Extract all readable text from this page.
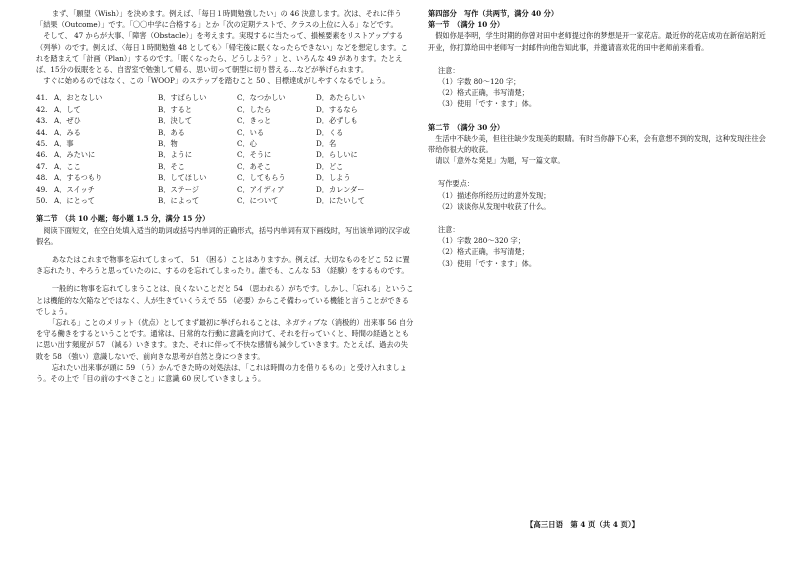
　まず、「願望（Wish）」を決めます。例えば、「毎日１時間勉強したい」の 46 決意します。次は、それに伴う「結果（Outcome）」です。「〇〇中学に合格する」とか「次の定期テストで、クラスの上位に入る」などです。

　そして、 47 からが大事、「障害（Obstacle）」を考えます。実現するに当たって、損極要素をリストアップする（列挙）のです。例えば、〈毎日１時間勉強 48 としても〉「帰宅後に眠くなったらできない」などを想定します。これを踏まえて「計画（Plan）」するのです。「眠くなったら、どうしよう？」と、いろんな 49 があります。たとえば、15分の仮眠をとる、自習室で勉強して帰る、思い切って朝型に切り替える…などが挙げられます。

　すぐに始めるのではなく、この「WOOP」のステップを踏むこと 50 、目標達成がしやすくなるでしょう。

41. A．おとなしい	B．すばらしい	C．なつかしい	D．あたらしい
42. A．して	B．すると	C．したら	D．するなら
43. A．ぜひ	B．決して	C．きっと	D．必ずしも
44. A．みる	B．ある	C．いる	D．くる
45. A．事	B．物	C．心	D．名
46. A．みたいに	B．ように	C．そうに	D．らしいに
47. A．ここ	B．そこ	C．あそこ	D．どこ
48. A．するつもり	B．してほしい	C．してもらう	D．しよう
49. A．スイッチ	B．ステージ	C．アイディア	D．カレンダー
50. A．にとって	B．によって	C．について	D．にたいして

第二节　（共 10 小题；每小题 1.5 分，满分 15 分）

　阅读下面短文，在空白处填入适当的助词或括号内单词的正确形式，括号内单词有双下画线时，写出该单词的汉字或假名。

　あなたはこれまで物事を忘れてしまって、 51 （困る）ことはありますか。例えば、大切なものをどこ 52 に置き忘れたり、やろうと思っていたのに、するのを忘れてしまったり。誰でも、こんな 53 （経験）をするものです。

　一般的に物事を忘れてしまうことは、良くないことだと 54 （思われる）がちです。しかし、「忘れる」ということは機能的な欠陥などではなく、人が生きていくうえで 55 （必要）からこそ備わっている機能と言うことができるでしょう。

　「忘れる」ことのメリット（优点）としてまず最初に挙げられることは、ネガティブな（消极的）出来事 56 自分を守る働きをするということです。通常は、日常的な行動に意識を向けて、それを行っていくと、時間の経過とともに思い出す頻度が 57 （減る）いきます。また、それに伴って不快な感情も減少していきます。たとえば、過去の失敗を 58 （強い）意識しないで、前向きな思考が自然と身につきます。

　忘れたい出来事が頭に 59 （う）かんできた時の対処法は、「これは時間の力を借りるもの」と受け入れましょう。その上で「目の前のすべきこと」に意識 60 戻していきましょう。

第四部分　写作（共两节，满分 40 分）

第一节　（满分 10 分）

　假如你是李明，学生时期的你曾对田中老师提过你的梦想是开一家花店。最近你的花店成功在新宿站附近开业，你打算给田中老师写一封邮件向他告知此事，并邀请喜欢花的田中老师前来看看。

注意：

（1）字数 80～120 字；

（2）格式正确，书写清楚；

（3）使用「です・ます」体。

第二节　（满分 30 分）

　生活中不缺少美，但往往缺少发现美的眼睛。有时当你静下心来，会有意想不到的发现，这种发现往往会带给你很大的收获。

　请以「意外な発見」为题，写一篇文章。

写作要点：

（1）描述你所经历过的意外发现；

（2）谈谈你从发现中收获了什么。

注意：

（1）字数 280～320 字；

（2）格式正确，书写清楚；

（3）使用「です・ます」体。

【高三日语　第 4 页（共 4 页）】
